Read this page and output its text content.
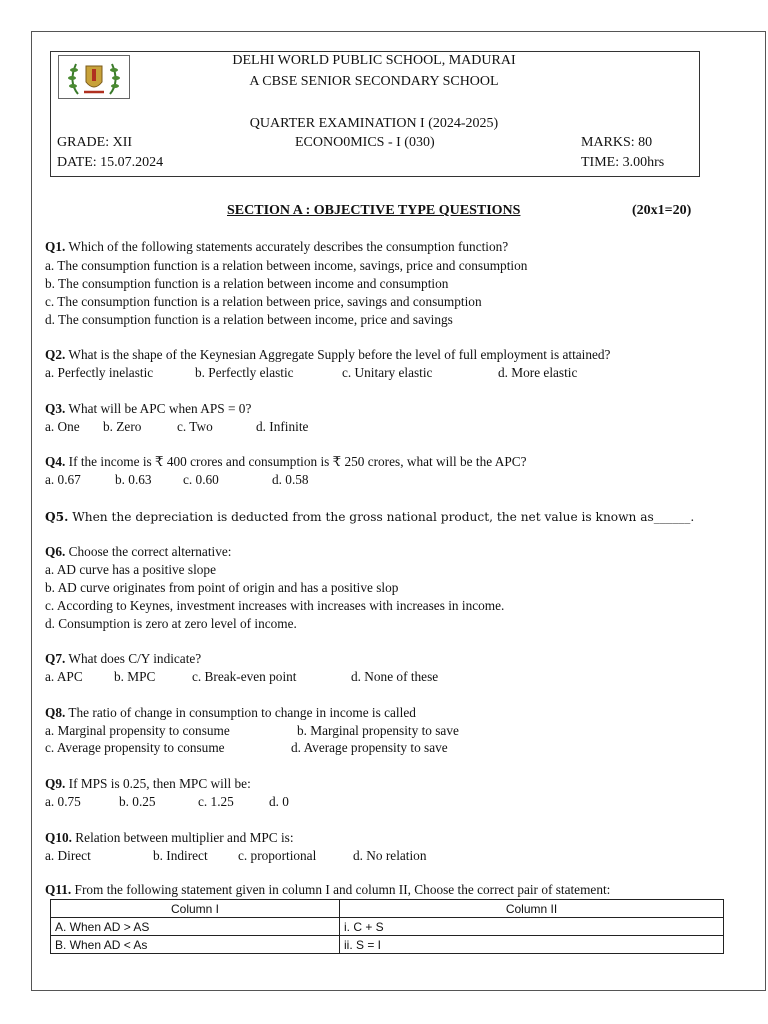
DELHI WORLD PUBLIC SCHOOL, MADURAI
A CBSE SENIOR SECONDARY SCHOOL
QUARTER EXAMINATION I (2024-2025)
GRADE: XII	ECONO0MICS - I (030)	MARKS: 80
DATE: 15.07.2024	TIME: 3.00hrs
SECTION A : OBJECTIVE TYPE QUESTIONS	(20x1=20)
Q1. Which of the following statements accurately describes the consumption function?
a. The consumption function is a relation between income, savings, price and consumption
b. The consumption function is a relation between income and consumption
c. The consumption function is a relation between price, savings and consumption
d. The consumption function is a relation between income, price and savings
Q2. What is the shape of the Keynesian Aggregate Supply before the level of full employment is attained?
a. Perfectly inelastic	b. Perfectly elastic	c. Unitary elastic	d. More elastic
Q3. What will be APC when APS = 0?
a. One b. Zero	c. Two	d. Infinite
Q4. If the income is ₹ 400 crores and consumption is ₹ 250 crores, what will be the APC?
a. 0.67	b. 0.63 c. 0.60	d. 0.58
Q5. When the depreciation is deducted from the gross national product, the net value is known as______.
Q6. Choose the correct alternative:
a. AD curve has a positive slope
b. AD curve originates from point of origin and has a positive slop
c. According to Keynes, investment increases with increases with increases in income.
d. Consumption is zero at zero level of income.
Q7. What does C/Y indicate?
a. APC b. MPC	c. Break-even point	d. None of these
Q8. The ratio of change in consumption to change in income is called
a. Marginal propensity to consume	b. Marginal propensity to save
c. Average propensity to consume	d. Average propensity to save
Q9. If MPS is 0.25, then MPC will be:
a. 0.75	b. 0.25	c. 1.25	d. 0
Q10. Relation between multiplier and MPC is:
a. Direct	b. Indirect c. proportional	d. No relation
Q11. From the following statement given in column I and column II, Choose the correct pair of statement:
Column I	Column II
A. When AD > AS	i. C + S
B. When AD < As	ii. S = I
